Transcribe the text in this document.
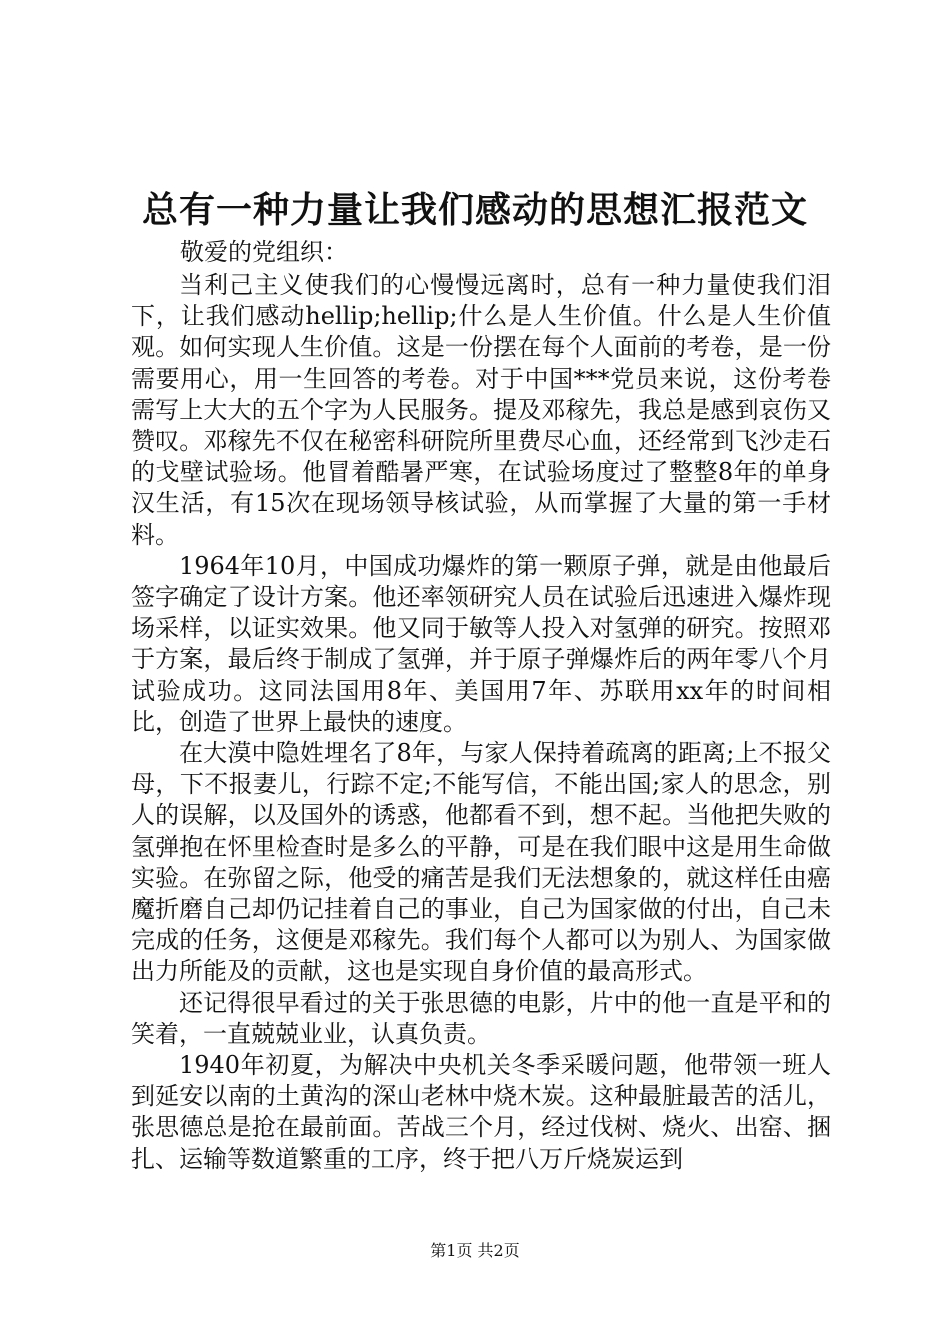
总有一种力量让我们感动的思想汇报范文

敬爱的党组织：

当利己主义使我们的心慢慢远离时，总有一种力量使我们泪下，让我们感动hellip;hellip;什么是人生价值。什么是人生价值观。如何实现人生价值。这是一份摆在每个人面前的考卷，是一份需要用心，用一生回答的考卷。对于中国***党员来说，这份考卷需写上大大的五个字为人民服务。提及邓稼先，我总是感到哀伤又赞叹。邓稼先不仅在秘密科研院所里费尽心血，还经常到飞沙走石的戈壁试验场。他冒着酷暑严寒，在试验场度过了整整8年的单身汉生活，有15次在现场领导核试验，从而掌握了大量的第一手材料。

1964年10月，中国成功爆炸的第一颗原子弹，就是由他最后签字确定了设计方案。他还率领研究人员在试验后迅速进入爆炸现场采样，以证实效果。他又同于敏等人投入对氢弹的研究。按照邓于方案，最后终于制成了氢弹，并于原子弹爆炸后的两年零八个月试验成功。这同法国用8年、美国用7年、苏联用xx年的时间相比，创造了世界上最快的速度。

在大漠中隐姓埋名了8年，与家人保持着疏离的距离;上不报父母，下不报妻儿，行踪不定;不能写信，不能出国;家人的思念，别人的误解，以及国外的诱惑，他都看不到，想不起。当他把失败的氢弹抱在怀里检查时是多么的平静，可是在我们眼中这是用生命做实验。在弥留之际，他受的痛苦是我们无法想象的，就这样任由癌魔折磨自己却仍记挂着自己的事业，自己为国家做的付出，自己未完成的任务，这便是邓稼先。我们每个人都可以为别人、为国家做出力所能及的贡献，这也是实现自身价值的最高形式。

还记得很早看过的关于张思德的电影，片中的他一直是平和的笑着，一直兢兢业业，认真负责。

1940年初夏，为解决中央机关冬季采暖问题，他带领一班人到延安以南的土黄沟的深山老林中烧木炭。这种最脏最苦的活儿，张思德总是抢在最前面。苦战三个月，经过伐树、烧火、出窑、捆扎、运输等数道繁重的工序，终于把八万斤烧炭运到

第1页 共2页
